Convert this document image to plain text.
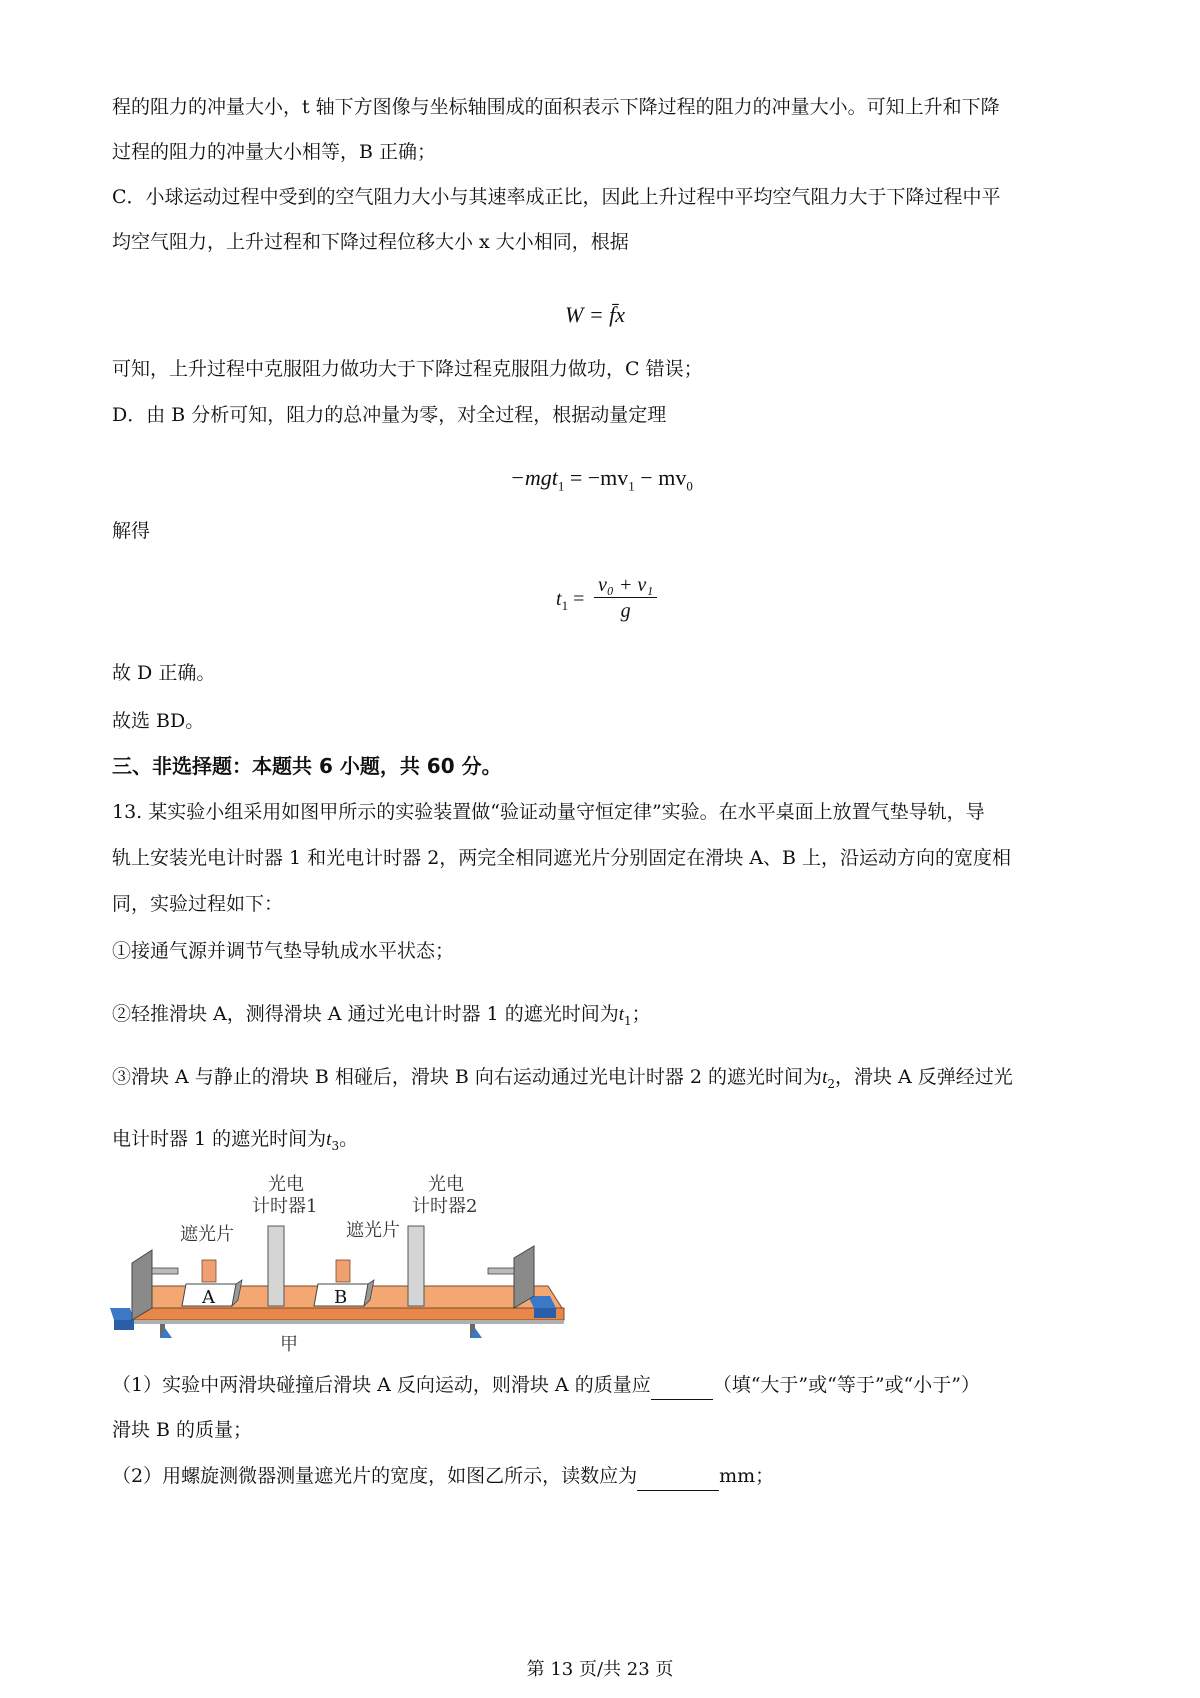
程的阻力的冲量大小，t 轴下方图像与坐标轴围成的面积表示下降过程的阻力的冲量大小。可知上升和下降
过程的阻力的冲量大小相等，B 正确；
C．小球运动过程中受到的空气阻力大小与其速率成正比，因此上升过程中平均空气阻力大于下降过程中平
均空气阻力，上升过程和下降过程位移大小 x 大小相同，根据
W = f̄x
可知，上升过程中克服阻力做功大于下降过程克服阻力做功，C 错误；
D．由 B 分析可知，阻力的总冲量为零，对全过程，根据动量定理
$-mgt_1 = -mv_1 - mv_0$
解得
$t_1 = \frac{\text{v₀ + v₁}}{g}$
故 D 正确。
故选 BD。
三、非选择题：本题共 6 小题，共 60 分。
13. 某实验小组采用如图甲所示的实验装置做“验证动量守恒定律”实验。在水平桌面上放置气垫导轨，导
轨上安装光电计时器 1 和光电计时器 2，两完全相同遮光片分别固定在滑块 A、B 上，沿运动方向的宽度相
同，实验过程如下：
①接通气源并调节气垫导轨成水平状态；
②轻推滑块 A，测得滑块 A 通过光电计时器 1 的遮光时间为$t_1$；
③滑块 A 与静止的滑块 B 相碰后，滑块 B 向右运动通过光电计时器 2 的遮光时间为$t_2$，滑块 A 反弹经过光
电计时器 1 的遮光时间为$t_3$。
光电
计时器1
光电
计时器2
遮光片	遮光片
A	B
甲
（1）实验中两滑块碰撞后滑块 A 反向运动，则滑块 A 的质量应	（填“大于”或“等于”或“小于”）
滑块 B 的质量；
（2）用螺旋测微器测量遮光片的宽度，如图乙所示，读数应为	mm；
第 13 页/共 23 页
